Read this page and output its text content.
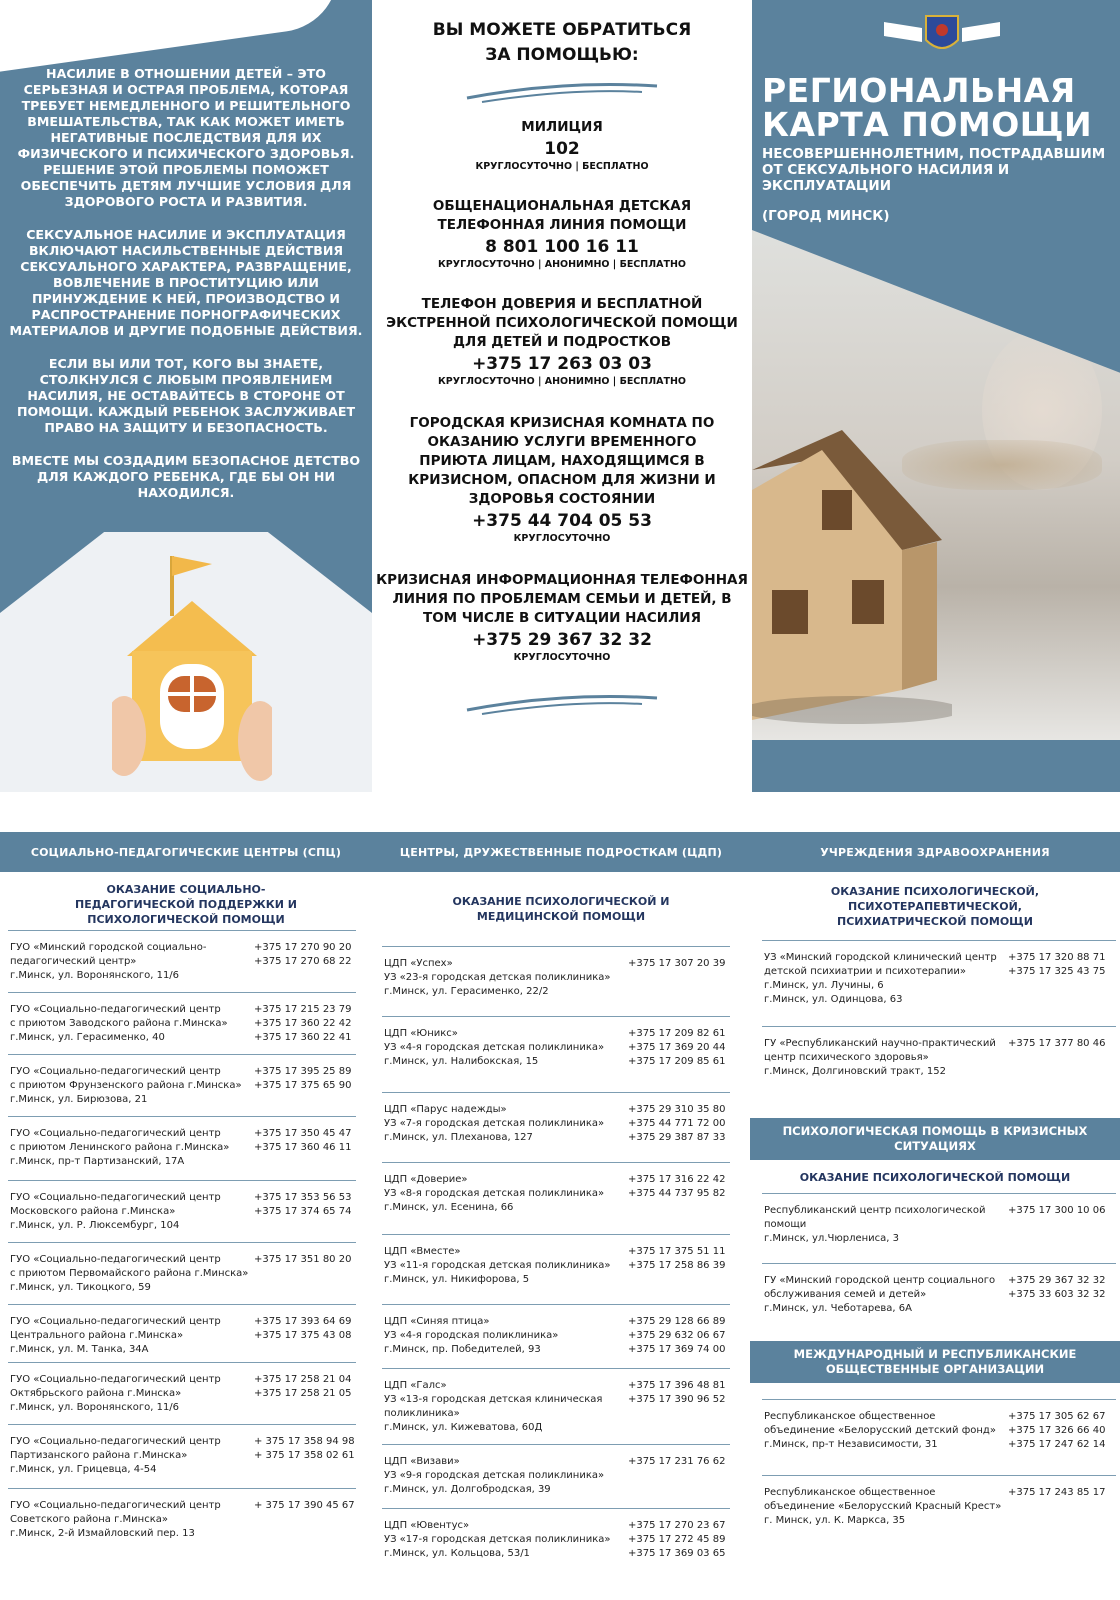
НАСИЛИЕ В ОТНОШЕНИИ ДЕТЕЙ – ЭТО СЕРЬЕЗНАЯ И ОСТРАЯ ПРОБЛЕМА, КОТОРАЯ ТРЕБУЕТ НЕМЕДЛЕННОГО И РЕШИТЕЛЬНОГО ВМЕШАТЕЛЬСТВА, ТАК КАК МОЖЕТ ИМЕТЬ НЕГАТИВНЫЕ ПОСЛЕДСТВИЯ ДЛЯ ИХ ФИЗИЧЕСКОГО И ПСИХИЧЕСКОГО ЗДОРОВЬЯ. РЕШЕНИЕ ЭТОЙ ПРОБЛЕМЫ ПОМОЖЕТ ОБЕСПЕЧИТЬ ДЕТЯМ ЛУЧШИЕ УСЛОВИЯ ДЛЯ ЗДОРОВОГО РОСТА И РАЗВИТИЯ.

СЕКСУАЛЬНОЕ НАСИЛИЕ И ЭКСПЛУАТАЦИЯ ВКЛЮЧАЮТ НАСИЛЬСТВЕННЫЕ ДЕЙСТВИЯ СЕКСУАЛЬНОГО ХАРАКТЕРА, РАЗВРAЩЕНИЕ, ВОВЛЕЧЕНИЕ В ПРОСТИТУЦИЮ ИЛИ ПРИНУЖДЕНИЕ К НЕЙ, ПРОИЗВОДСТВО И РАСПРОСТРАНЕНИЕ ПОРНОГРАФИЧЕСКИХ МАТЕРИАЛОВ И ДРУГИЕ ПОДОБНЫЕ ДЕЙСТВИЯ.

ЕСЛИ ВЫ ИЛИ ТОТ, КОГО ВЫ ЗНАЕТЕ, СТОЛКНУЛСЯ С ЛЮБЫМ ПРОЯВЛЕНИЕМ НАСИЛИЯ, НЕ ОСТАВАЙТЕСЬ В СТОРОНЕ ОТ ПОМОЩИ. КАЖДЫЙ РЕБЕНОК ЗАСЛУЖИВАЕТ ПРАВО НА ЗАЩИТУ И БЕЗОПАСНОСТЬ.

ВМЕСТЕ МЫ СОЗДАДИМ БЕЗОПАСНОЕ ДЕТСТВО ДЛЯ КАЖДОГО РЕБЕНКА, ГДЕ БЫ ОН НИ НАХОДИЛСЯ.

ВЫ МОЖЕТЕ ОБРАТИТЬСЯ
ЗА ПОМОЩЬЮ:
МИЛИЦИЯ
102
КРУГЛОСУТОЧНО | БЕСПЛАТНО
ОБЩЕНАЦИОНАЛЬНАЯ ДЕТСКАЯ ТЕЛЕФОННАЯ ЛИНИЯ ПОМОЩИ
8 801 100 16 11
КРУГЛОСУТОЧНО | АНОНИМНО | БЕСПЛАТНО
ТЕЛЕФОН ДОВЕРИЯ И БЕСПЛАТНОЙ ЭКСТРЕННОЙ ПСИХОЛОГИЧЕСКОЙ ПОМОЩИ ДЛЯ ДЕТЕЙ И ПОДРОСТКОВ
+375 17 263 03 03
КРУГЛОСУТОЧНО | АНОНИМНО | БЕСПЛАТНО
ГОРОДСКАЯ КРИЗИСНАЯ КОМНАТА ПО ОКАЗАНИЮ УСЛУГИ ВРЕМЕННОГО ПРИЮТА ЛИЦАМ, НАХОДЯЩИМСЯ В КРИЗИСНОМ, ОПАСНОМ ДЛЯ ЖИЗНИ И ЗДОРОВЬЯ СОСТОЯНИИ
+375 44 704 05 53
КРУГЛОСУТОЧНО
КРИЗИСНАЯ ИНФОРМАЦИОННАЯ ТЕЛЕФОННАЯ ЛИНИЯ ПО ПРОБЛЕМАМ СЕМЬИ И ДЕТЕЙ, В ТОМ ЧИСЛЕ В СИТУАЦИИ НАСИЛИЯ
+375 29 367 32 32
КРУГЛОСУТОЧНО
РЕГИОНАЛЬНАЯ
КАРТА ПОМОЩИ
НЕСОВЕРШЕННОЛЕТНИМ, ПОСТРАДАВШИМ ОТ СЕКСУАЛЬНОГО НАСИЛИЯ И ЭКСПЛУАТАЦИИ
(ГОРОД МИНСК)
СОЦИАЛЬНО-ПЕДАГОГИЧЕСКИЕ ЦЕНТРЫ (СПЦ)
ОКАЗАНИЕ СОЦИАЛЬНО-ПЕДАГОГИЧЕСКОЙ ПОДДЕРЖКИ И ПСИХОЛОГИЧЕСКОЙ ПОМОЩИ
ГУО «Минский городской социально-
педагогический центр»
г.Минск, ул. Воронянского, 11/6
+375 17 270 90 20
+375 17 270 68 22
ГУО «Социально-педагогический центр
с приютом Заводского района г.Минска»
г.Минск, ул. Герасименко, 40
+375 17 215 23 79
+375 17 360 22 42
+375 17 360 22 41
ГУО «Социально-педагогический центр
с приютом Фрунзенского района г.Минска»
г.Минск, ул. Бирюзова, 21
+375 17 395 25 89
+375 17 375 65 90
ГУО «Социально-педагогический центр
с приютом Ленинского района г.Минска»
г.Минск, пр-т Партизанский, 17А
+375 17 350 45 47
+375 17 360 46 11
ГУО «Социально-педагогический центр
Московского района г.Минска»
г.Минск, ул. Р. Люксембург, 104
+375 17 353 56 53
+375 17 374 65 74
ГУО «Социально-педагогический центр
с приютом Первомайского района г.Минска»
г.Минск, ул. Тикоцкого, 59
+375 17 351 80 20
ГУО «Социально-педагогический центр
Центрального района г.Минска»
г.Минск, ул. М. Танка, 34А
+375 17 393 64 69
+375 17 375 43 08
ГУО «Социально-педагогический центр
Октябрьского района г.Минска»
г.Минск, ул. Воронянского, 11/6
+375 17 258 21 04
+375 17 258 21 05
ГУО «Социально-педагогический центр
Партизанского района г.Минска»
г.Минск, ул. Грицевца, 4-54
+ 375 17 358 94 98
+ 375 17 358 02 61
ГУО «Социально-педагогический центр
Советского района г.Минска»
г.Минск, 2-й Измайловский пер. 13
+ 375 17 390 45 67
ЦЕНТРЫ, ДРУЖЕСТВЕННЫЕ ПОДРОСТКАМ (ЦДП)
ОКАЗАНИЕ ПСИХОЛОГИЧЕСКОЙ И МЕДИЦИНСКОЙ ПОМОЩИ
ЦДП «Успех»
УЗ «23-я городская детская поликлиника»
г.Минск, ул. Герасименко, 22/2
+375 17 307 20 39
ЦДП «Юникс»
УЗ «4-я городская детская поликлиника»
г.Минск, ул. Налибокская, 15
+375 17 209 82 61
+375 17 369 20 44
+375 17 209 85 61
ЦДП «Парус надежды»
УЗ «7-я городская детская поликлиника»
г.Минск, ул. Плеханова, 127
+375 29 310 35 80
+375 44 771 72 00
+375 29 387 87 33
ЦДП «Доверие»
УЗ «8-я городская детская поликлиника»
г.Минск, ул. Есенина, 66
+375 17 316 22 42
+375 44 737 95 82
ЦДП «Вместе»
УЗ «11-я городская детская поликлиника»
г.Минск, ул. Никифорова, 5
+375 17 375 51 11
+375 17 258 86 39
ЦДП «Синяя птица»
УЗ «4-я городская поликлиника»
г.Минск, пр. Победителей, 93
+375 29 128 66 89
+375 29 632 06 67
+375 17 369 74 00
ЦДП «Галс»
УЗ «13-я городская детская клиническая
поликлиника»
г.Минск, ул. Кижеватова, 60Д
+375 17 396 48 81
+375 17 390 96 52
ЦДП «Визави»
УЗ «9-я городская детская поликлиника»
г.Минск, ул. Долгобродская, 39
+375 17 231 76 62
ЦДП «Ювентус»
УЗ «17-я городская детская поликлиника»
г.Минск, ул. Кольцова, 53/1
+375 17 270 23 67
+375 17 272 45 89
+375 17 369 03 65
УЧРЕЖДЕНИЯ ЗДРАВООХРАНЕНИЯ
ОКАЗАНИЕ ПСИХОЛОГИЧЕСКОЙ, ПСИХОТЕРАПЕВТИЧЕСКОЙ, ПСИХИАТРИЧЕСКОЙ ПОМОЩИ
УЗ «Минский городской клинический центр
детской психиатрии и психотерапии»
г.Минск, ул. Лучины, 6
г.Минск, ул. Одинцова, 63
+375 17 320 88 71
+375 17 325 43 75
ГУ «Республиканский научно-практический
центр психического здоровья»
г.Минск, Долгиновский тракт, 152
+375 17 377 80 46
ПСИХОЛОГИЧЕСКАЯ ПОМОЩЬ В КРИЗИСНЫХ СИТУАЦИЯХ
ОКАЗАНИЕ ПСИХОЛОГИЧЕСКОЙ ПОМОЩИ
Республиканский центр психологической
помощи
г.Минск, ул.Чюрлениса, 3
+375 17 300 10 06
ГУ «Минский городской центр социального
обслуживания семей и детей»
г.Минск, ул. Чеботарева, 6А
+375 29 367 32 32
+375 33 603 32 32
МЕЖДУНАРОДНЫЙ И РЕСПУБЛИКАНСКИЕ ОБЩЕСТВЕННЫЕ ОРГАНИЗАЦИИ
Республиканское общественное
объединение «Белорусский детский фонд»
г.Минск, пр-т Независимости, 31
+375 17 305 62 67
+375 17 326 66 40
+375 17 247 62 14
Республиканское общественное
объединение «Белорусский Красный Крест»
г. Минск, ул. К. Маркса, 35
+375 17 243 85 17
